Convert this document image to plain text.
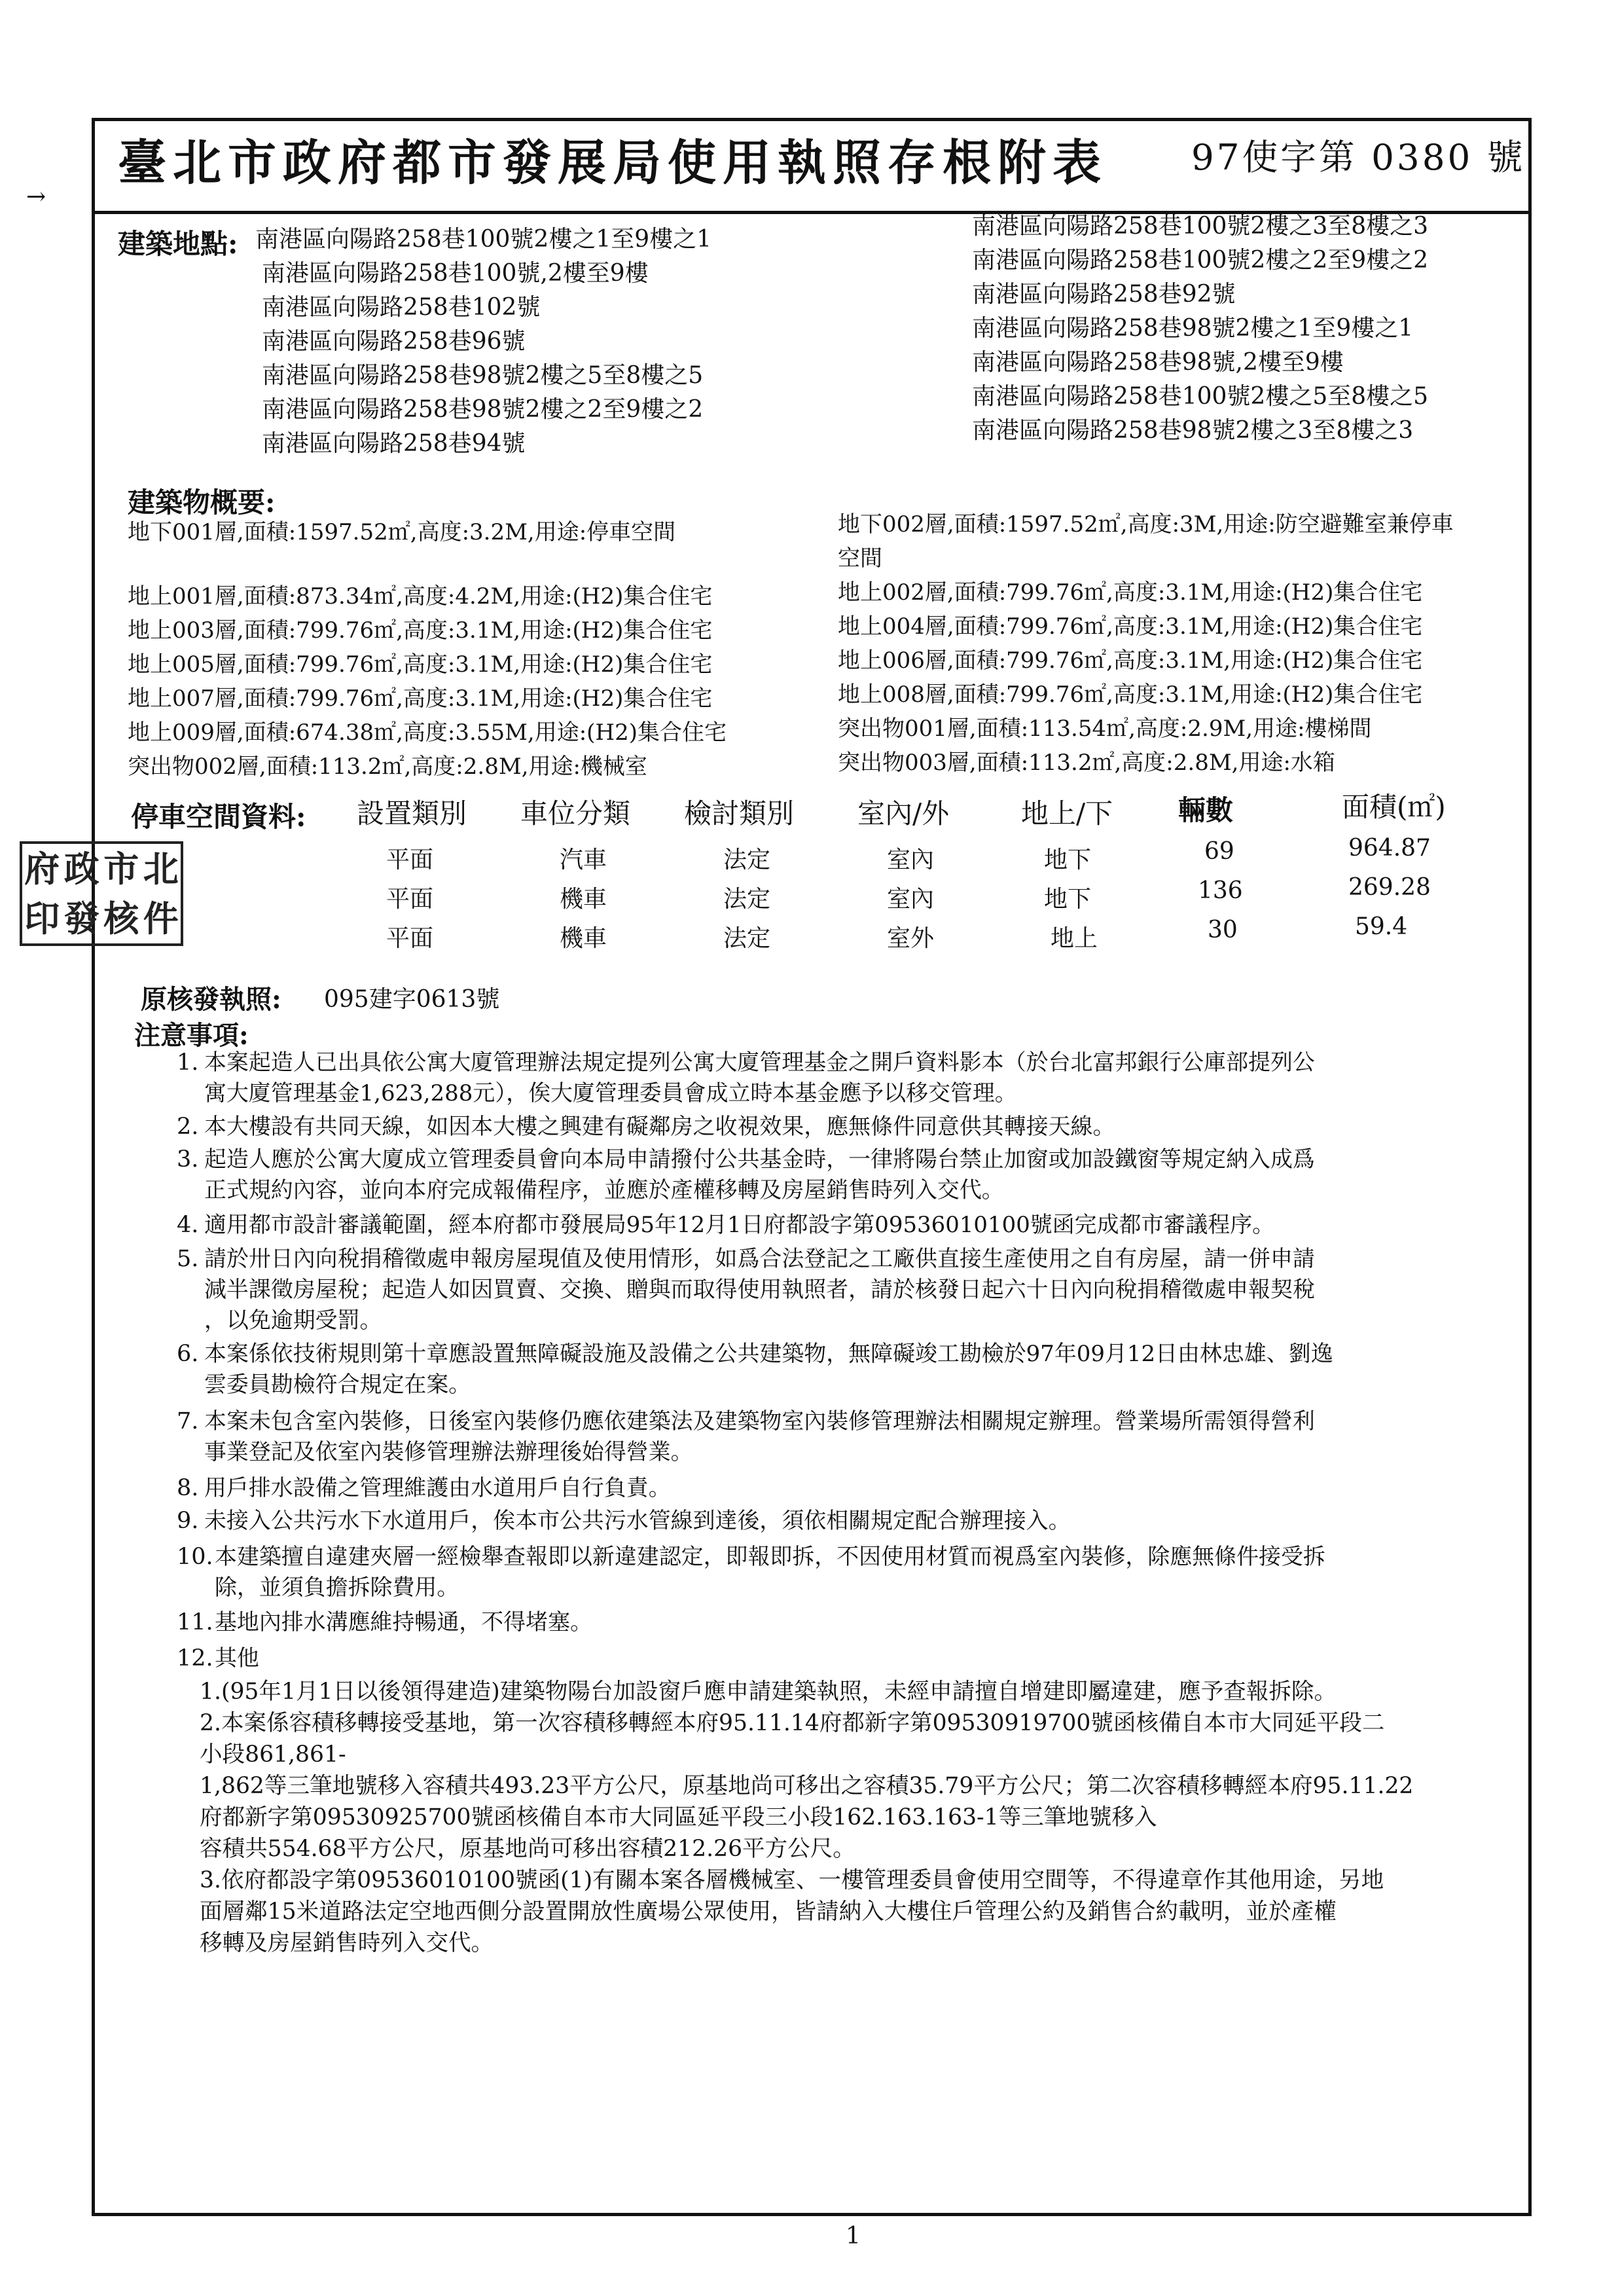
→
臺北市政府都市發展局使用執照存根附表 97使字第 0380 號
建築地點: 南港區向陽路258巷100號2樓之1至9樓之1
南港區向陽路258巷100號,2樓至9樓
南港區向陽路258巷102號
南港區向陽路258巷96號
南港區向陽路258巷98號2樓之5至8樓之5
南港區向陽路258巷98號2樓之2至9樓之2
南港區向陽路258巷94號
南港區向陽路258巷100號2樓之3至8樓之3
南港區向陽路258巷100號2樓之2至9樓之2
南港區向陽路258巷92號
南港區向陽路258巷98號2樓之1至9樓之1
南港區向陽路258巷98號,2樓至9樓
南港區向陽路258巷100號2樓之5至8樓之5
南港區向陽路258巷98號2樓之3至8樓之3
建築物概要:
地下001層,面積:1597.52㎡,高度:3.2M,用途:停車空間
地上001層,面積:873.34㎡,高度:4.2M,用途:(H2)集合住宅
地上003層,面積:799.76㎡,高度:3.1M,用途:(H2)集合住宅
地上005層,面積:799.76㎡,高度:3.1M,用途:(H2)集合住宅
地上007層,面積:799.76㎡,高度:3.1M,用途:(H2)集合住宅
地上009層,面積:674.38㎡,高度:3.55M,用途:(H2)集合住宅
突出物002層,面積:113.2㎡,高度:2.8M,用途:機械室
地下002層,面積:1597.52㎡,高度:3M,用途:防空避難室兼停車
空間
地上002層,面積:799.76㎡,高度:3.1M,用途:(H2)集合住宅
地上004層,面積:799.76㎡,高度:3.1M,用途:(H2)集合住宅
地上006層,面積:799.76㎡,高度:3.1M,用途:(H2)集合住宅
地上008層,面積:799.76㎡,高度:3.1M,用途:(H2)集合住宅
突出物001層,面積:113.54㎡,高度:2.9M,用途:樓梯間
突出物003層,面積:113.2㎡,高度:2.8M,用途:水箱
停車空間資料: 設置類別 車位分類 檢討類別 室內/外	地上/下 輛數	面積(㎡)
平面	汽車	法定	室內	地下	69	964.87
平面	機車	法定	室內	地下	136	269.28
平面	機車	法定	室外	地上	30	59.4
府 政 市 北
印 發 核 件
原核發執照: 095建字0613號
注意事項:
1. 本案起造人已出具依公寓大廈管理辦法規定提列公寓大廈管理基金之開戶資料影本（於台北富邦銀行公庫部提列公
寓大廈管理基金1,623,288元），俟大廈管理委員會成立時本基金應予以移交管理。
2. 本大樓設有共同天線，如因本大樓之興建有礙鄰房之收視效果，應無條件同意供其轉接天線。
3. 起造人應於公寓大廈成立管理委員會向本局申請撥付公共基金時，一律將陽台禁止加窗或加設鐵窗等規定納入成爲
正式規約內容，並向本府完成報備程序，並應於產權移轉及房屋銷售時列入交代。
4. 適用都市設計審議範圍，經本府都市發展局95年12月1日府都設字第09536010100號函完成都市審議程序。
5. 請於卅日內向稅捐稽徵處申報房屋現值及使用情形，如爲合法登記之工廠供直接生產使用之自有房屋，請一併申請
減半課徵房屋稅；起造人如因買賣、交換、贈與而取得使用執照者，請於核發日起六十日內向稅捐稽徵處申報契稅
，以免逾期受罰。
6. 本案係依技術規則第十章應設置無障礙設施及設備之公共建築物，無障礙竣工勘檢於97年09月12日由林忠雄、劉逸
雲委員勘檢符合規定在案。
7. 本案未包含室內裝修，日後室內裝修仍應依建築法及建築物室內裝修管理辦法相關規定辦理。營業場所需領得營利
事業登記及依室內裝修管理辦法辦理後始得營業。
8. 用戶排水設備之管理維護由水道用戶自行負責。
9. 未接入公共污水下水道用戶，俟本市公共污水管線到達後，須依相關規定配合辦理接入。
10. 本建築擅自違建夾層一經檢舉查報即以新違建認定，即報即拆，不因使用材質而視爲室內裝修，除應無條件接受拆
除，並須負擔拆除費用。
11. 基地內排水溝應維持暢通，不得堵塞。
12. 其他
1.(95年1月1日以後領得建造)建築物陽台加設窗戶應申請建築執照，未經申請擅自增建即屬違建，應予查報拆除。
2.本案係容積移轉接受基地，第一次容積移轉經本府95.11.14府都新字第09530919700號函核備自本市大同延平段二
小段861,861-
1,862等三筆地號移入容積共493.23平方公尺，原基地尚可移出之容積35.79平方公尺；第二次容積移轉經本府95.11.22
府都新字第09530925700號函核備自本市大同區延平段三小段162.163.163-1等三筆地號移入
容積共554.68平方公尺，原基地尚可移出容積212.26平方公尺。
3.依府都設字第09536010100號函(1)有關本案各層機械室、一樓管理委員會使用空間等，不得違章作其他用途，另地
面層鄰15米道路法定空地西側分設置開放性廣場公眾使用，皆請納入大樓住戶管理公約及銷售合約載明，並於產權
移轉及房屋銷售時列入交代。
1
